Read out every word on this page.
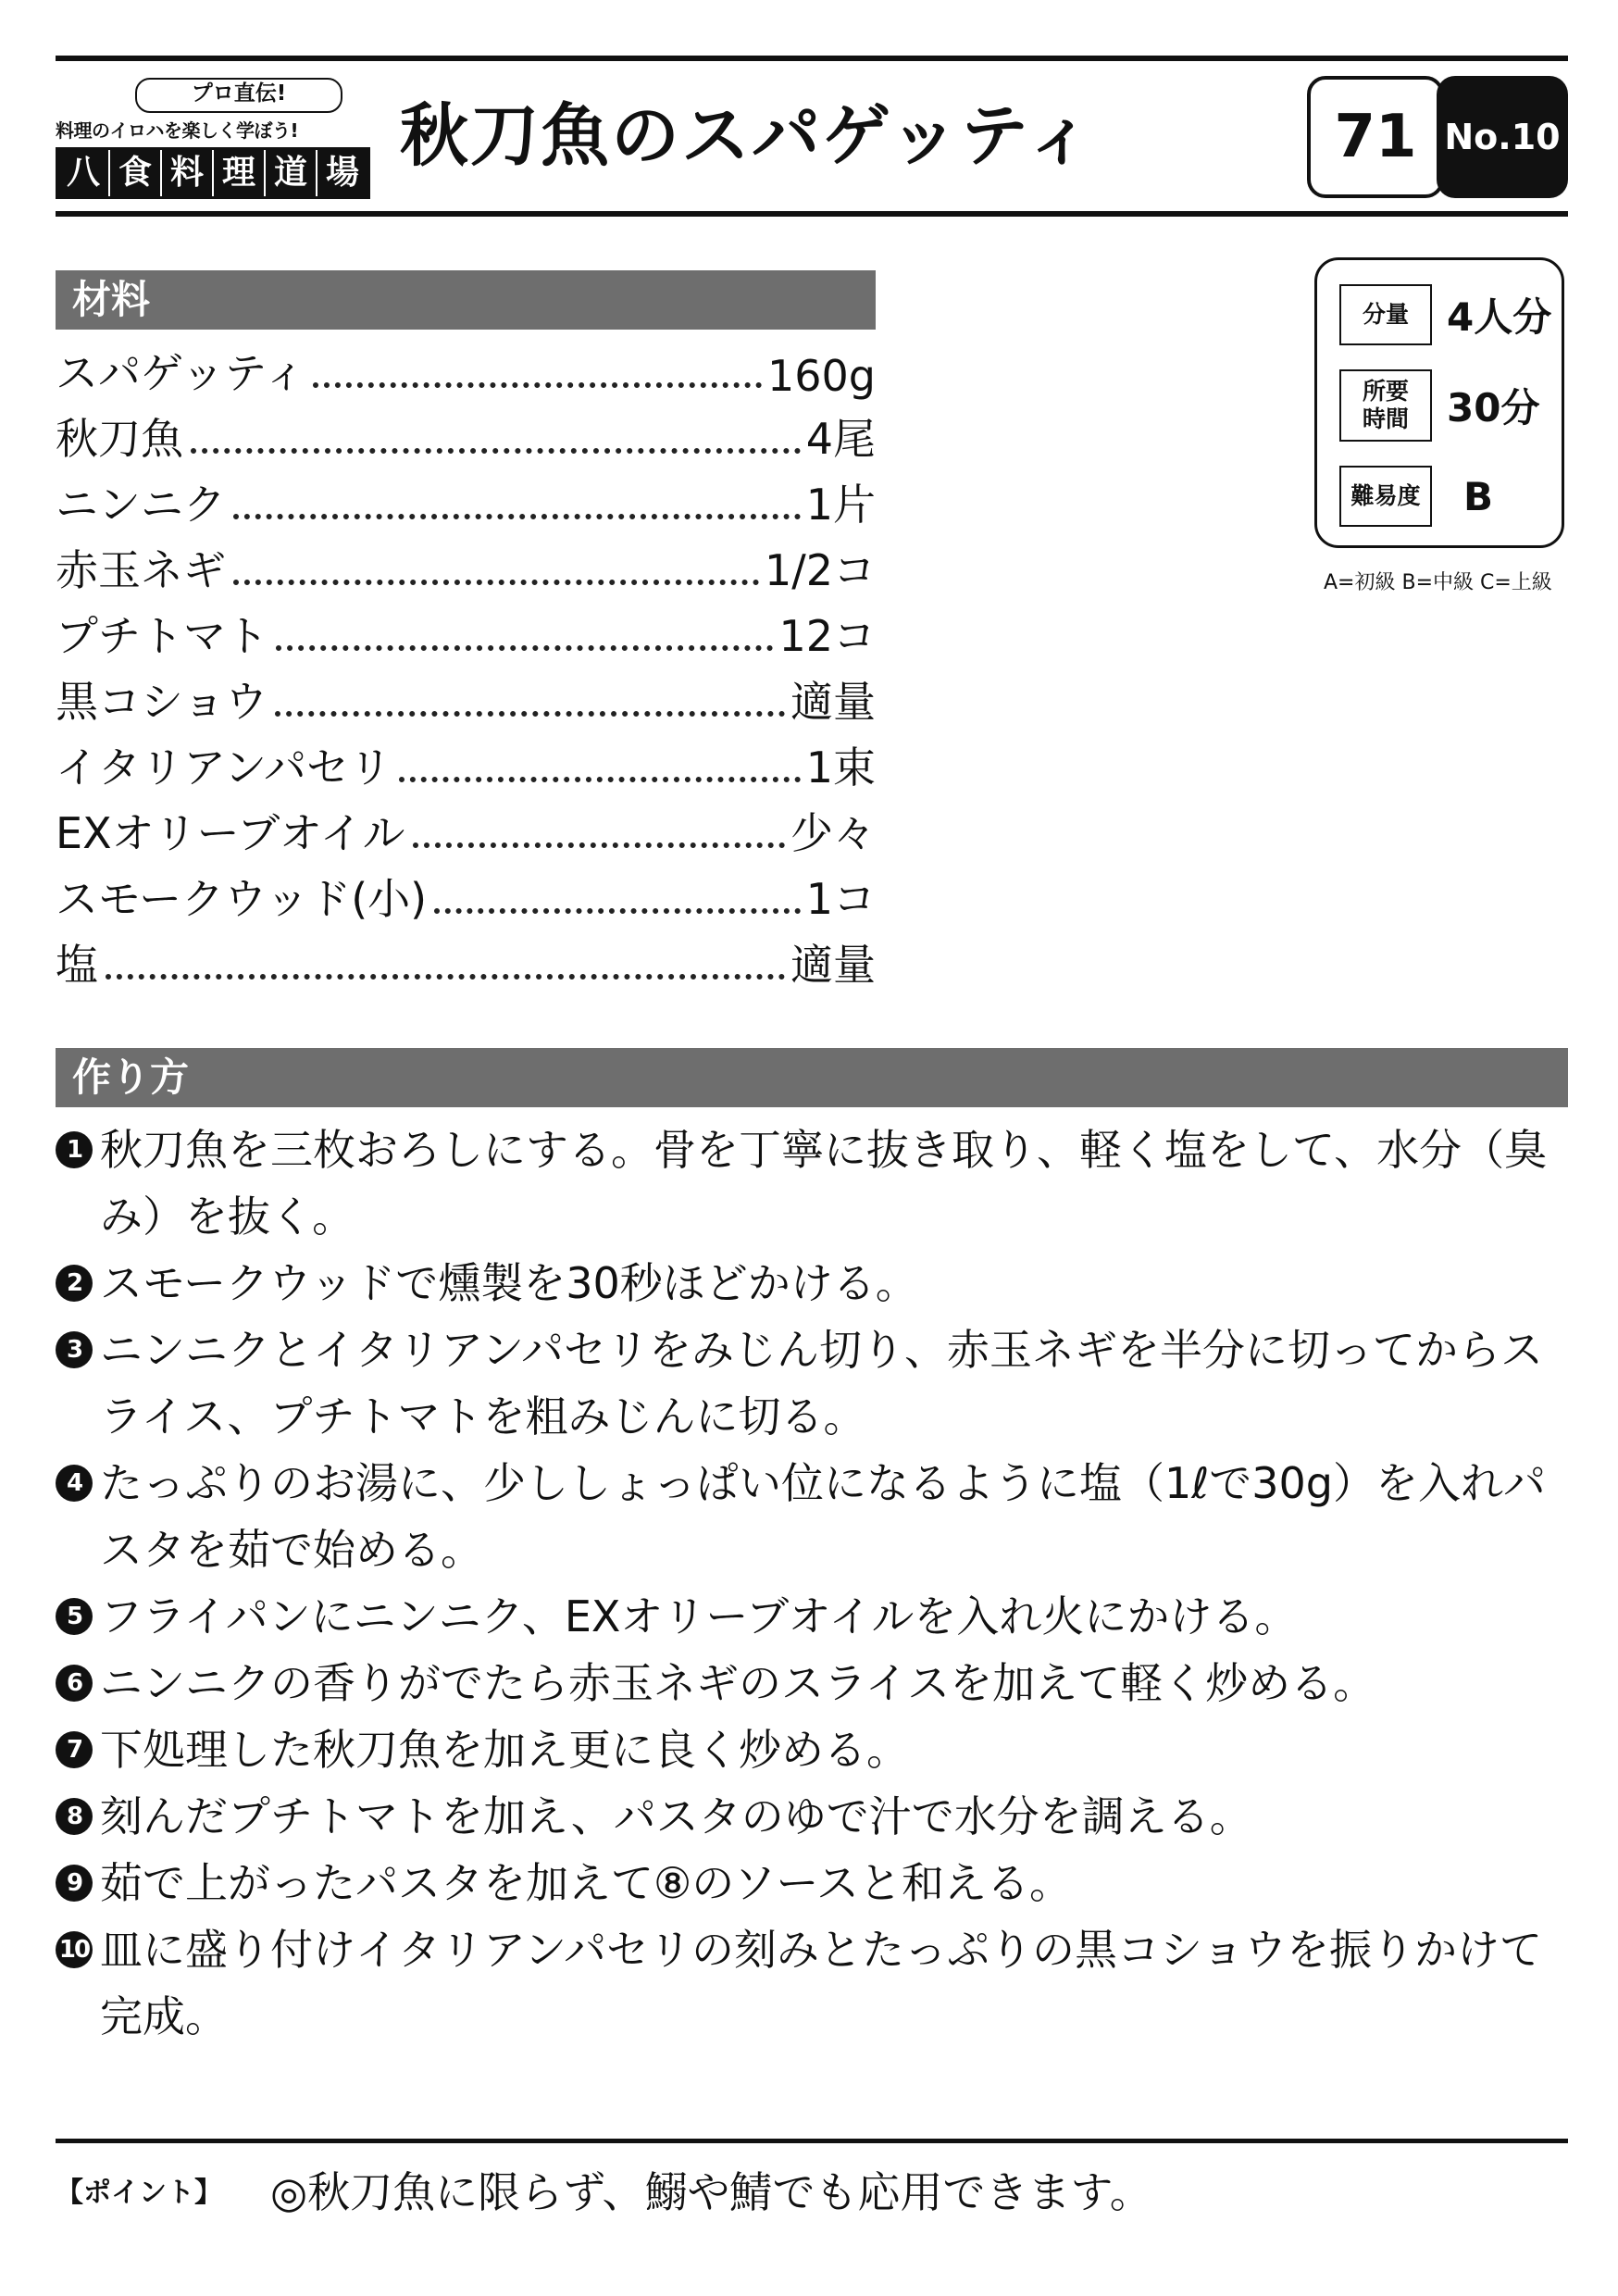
プロ直伝!
料理のイロハを楽しく学ぼう!
八 食 料 理 道 場 秋刀魚のスパゲッティ	71 No.10
材料
スパゲッティ	160g
秋刀魚	4尾
ニンニク	1片
赤玉ネギ	1/2コ
プチトマト	12コ
黒コショウ	適量
イタリアンパセリ	1束
EXオリーブオイル	少々
スモークウッド(小)	1コ
塩	適量
分量 4人分
所要
時間 30分
難易度 B
A=初級 B=中級 C=上級
作り方
1 秋刀魚を三枚おろしにする。骨を丁寧に抜き取り、軽く塩をして、水分（臭み）を抜く。
2 スモークウッドで燻製を30秒ほどかける。
3 ニンニクとイタリアンパセリをみじん切り、赤玉ネギを半分に切ってからスライス、プチトマトを粗みじんに切る。
4 たっぷりのお湯に、少ししょっぱい位になるように塩（1ℓで30g）を入れパスタを茹で始める。
5 フライパンにニンニク、EXオリーブオイルを入れ火にかける。
6 ニンニクの香りがでたら赤玉ネギのスライスを加えて軽く炒める。
7 下処理した秋刀魚を加え更に良く炒める。
8 刻んだプチトマトを加え、パスタのゆで汁で水分を調える。
9 茹で上がったパスタを加えて⑧のソースと和える。
10 皿に盛り付けイタリアンパセリの刻みとたっぷりの黒コショウを振りかけて完成。
【ポイント】 ◎秋刀魚に限らず、鰯や鯖でも応用できます。
